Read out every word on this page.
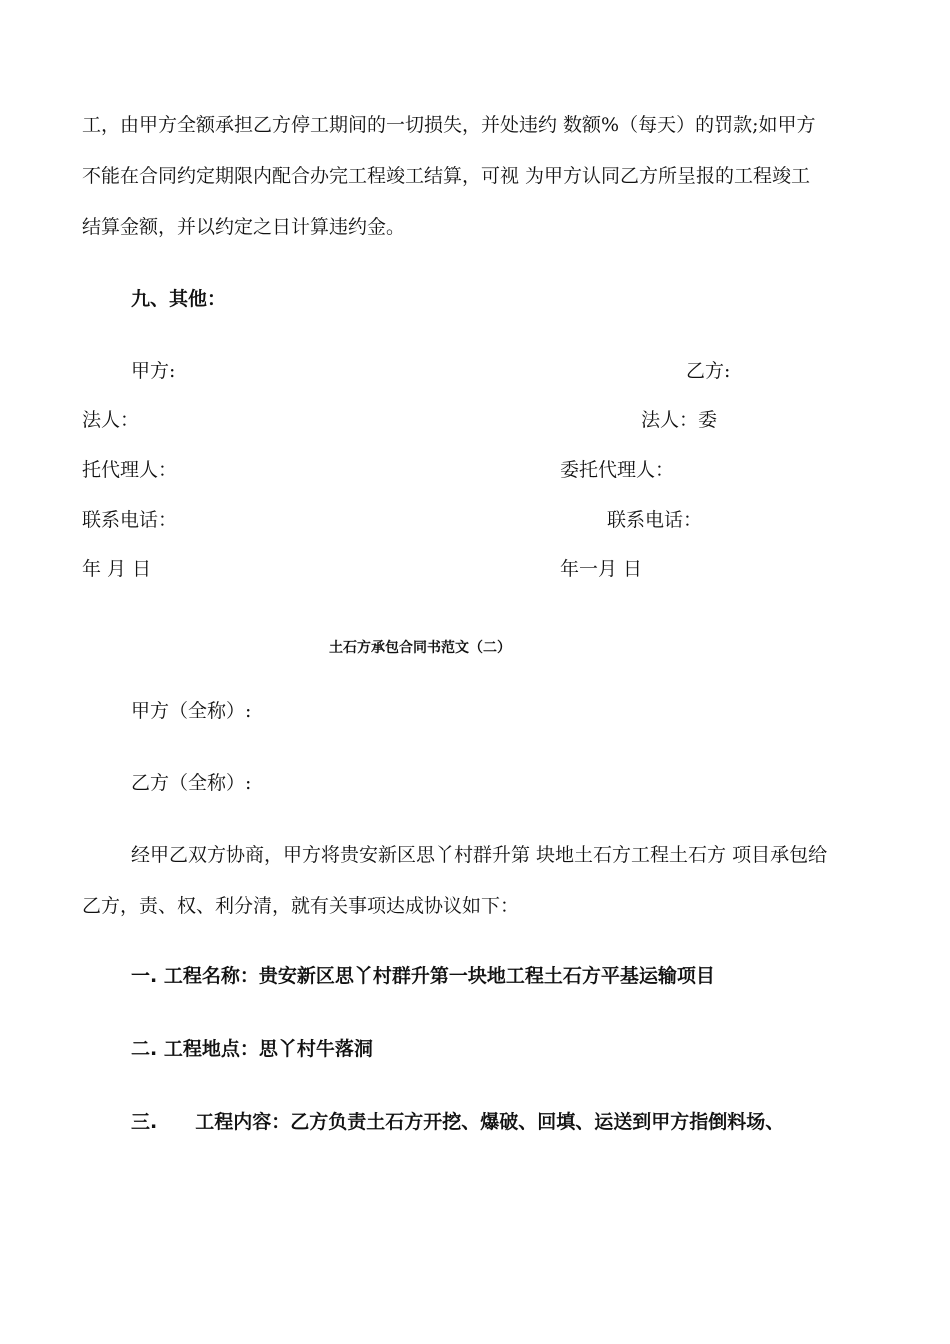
工，由甲方全额承担乙方停工期间的一切损失，并处违约 数额%（每天）的罚款;如甲方
不能在合同约定期限内配合办完工程竣工结算，可视 为甲方认同乙方所呈报的工程竣工
结算金额，并以约定之日计算违约金。
九、其他：
甲方:	乙方:
法人：	法人：委
托代理人：	委托代理人：
联系电话：	联系电话：
年 月 日	年一月 日
土石方承包合同书范文（二）
甲方（全称）:
乙方（全称）:
经甲乙双方协商，甲方将贵安新区思丫村群升第 块地土石方工程土石方 项目承包给
乙方，责、权、利分清，就有关事项达成协议如下：
一. 工程名称：贵安新区思丫村群升第一块地工程土石方平基运输项目
二. 工程地点：思丫村牛落洞
三. 工程内容：乙方负责土石方开挖、爆破、回填、运送到甲方指倒料场、
